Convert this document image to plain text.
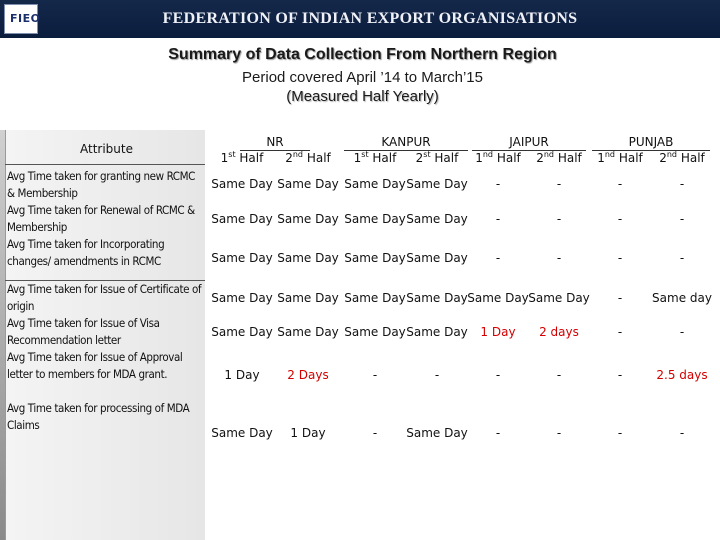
FIEO	FEDERATION OF INDIAN EXPORT ORGANISATIONS
Summary of Data Collection From Northern Region
Period covered April ’14 to March’15
(Measured Half Yearly)
Attribute	NR	KANPUR	JAIPUR	PUNJAB
1st Half	2nd Half	1st Half	2st Half	1nd Half	2nd Half	1nd Half	2nd Half
Avg Time taken for granting new RCMC & Membership
Same Day Same Day Same Day Same Day	-	-	-	-
Avg Time taken for Renewal of RCMC & Membership
Same Day Same Day Same Day Same Day	-	-	-	-
Avg Time taken for Incorporating changes/ amendments in RCMC	Same Day Same Day Same Day Same Day	-	-	-	-
Avg Time taken for Issue of Certificate of origin
Same Day Same Day Same Day Same Day Same Day Same Day	-	Same day
Avg Time taken for Issue of Visa Recommendation letter
Same Day Same Day Same Day Same Day	1 Day	2 days	-	-
Avg Time taken for Issue of Approval letter to members for MDA grant.	1 Day	2 Days	-	-	-	-	-	2.5 days
Avg Time taken for processing of MDA Claims
Same Day	1 Day	-	Same Day	-	-	-	-
